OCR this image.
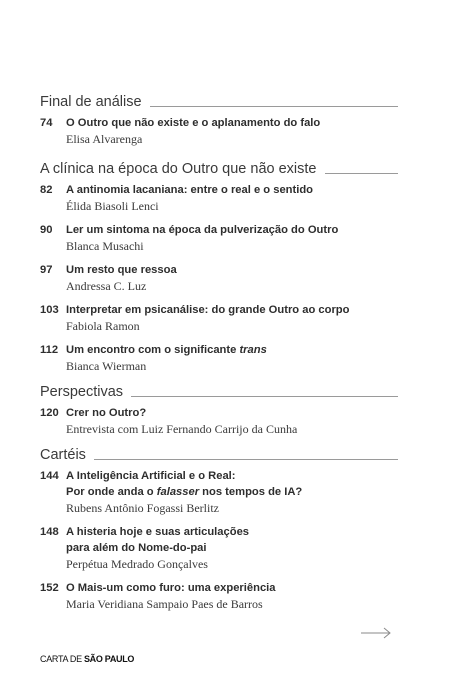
Final de análise
74	O Outro que não existe e o aplanamento do falo
Elisa Alvarenga
A clínica na época do Outro que não existe
82	A antinomia lacaniana: entre o real e o sentido
Élida Biasoli Lenci
90	Ler um sintoma na época da pulverização do Outro
Blanca Musachi
97	Um resto que ressoa
Andressa C. Luz
103 Interpretar em psicanálise: do grande Outro ao corpo
Fabiola Ramon
112 Um encontro com o significante trans
Bianca Wierman
Perspectivas
120 Crer no Outro?
Entrevista com Luiz Fernando Carrijo da Cunha
Cartéis
144 A Inteligência Artificial e o Real:
Por onde anda o falasser nos tempos de IA?
Rubens Antônio Fogassi Berlitz
148 A histeria hoje e suas articulações
para além do Nome-do-pai
Perpétua Medrado Gonçalves
152 O Mais-um como furo: uma experiência
Maria Veridiana Sampaio Paes de Barros
CARTA DE SÃO PAULO
